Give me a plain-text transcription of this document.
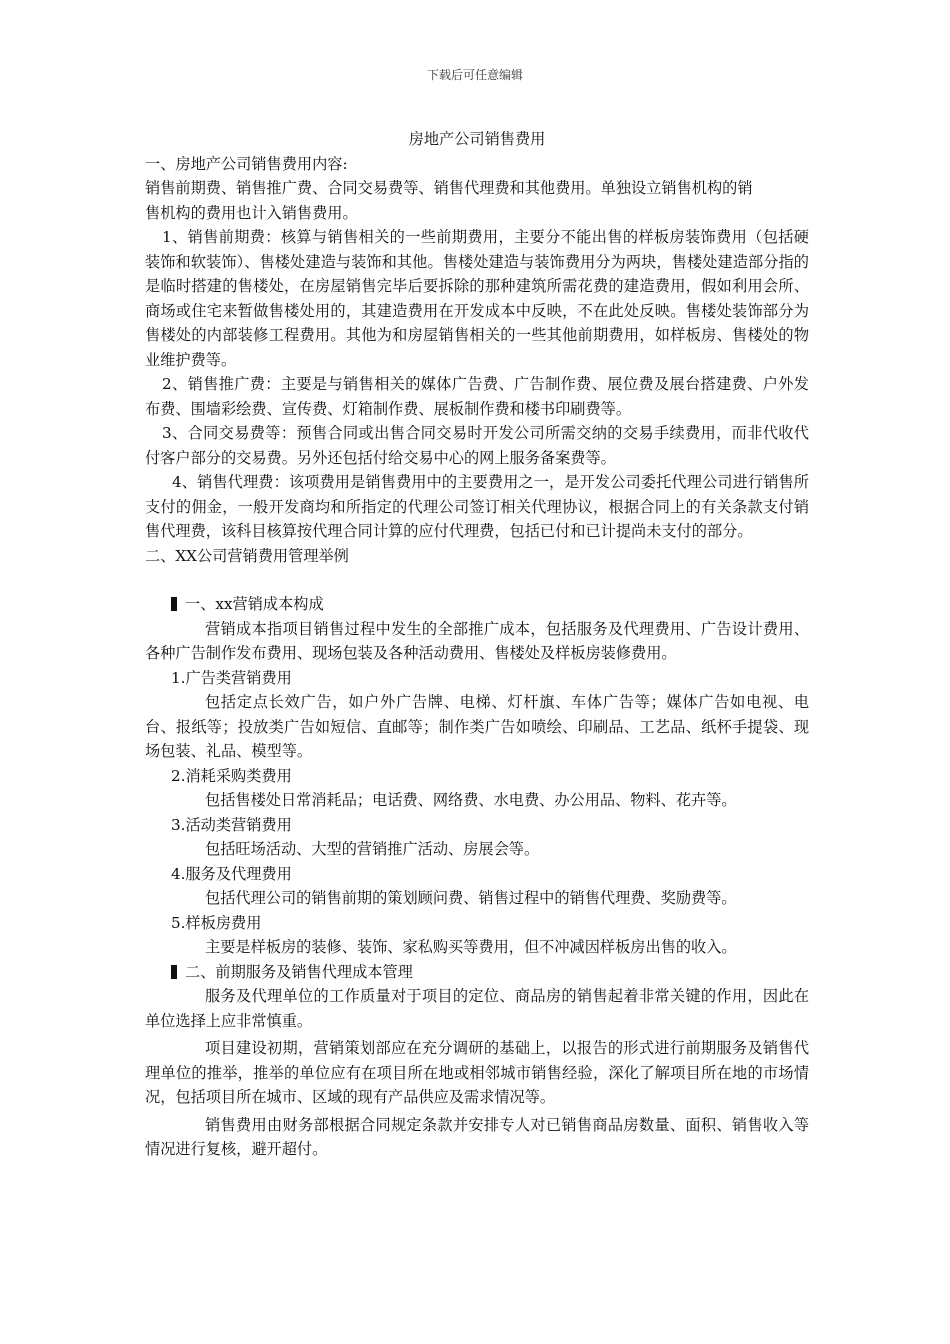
下载后可任意编辑

房地产公司销售费用

一、房地产公司销售费用内容:

销售前期费、销售推广费、合同交易费等、销售代理费和其他费用。单独设立销售机构的销

售机构的费用也计入销售费用。

1、销售前期费：核算与销售相关的一些前期费用，主要分不能出售的样板房装饰费用（包括硬装饰和软装饰）、售楼处建造与装饰和其他。售楼处建造与装饰费用分为两块，售楼处建造部分指的是临时搭建的售楼处，在房屋销售完毕后要拆除的那种建筑所需花费的建造费用，假如利用会所、商场或住宅来暂做售楼处用的，其建造费用在开发成本中反映，不在此处反映。售楼处装饰部分为售楼处的内部装修工程费用。其他为和房屋销售相关的一些其他前期费用，如样板房、售楼处的物业维护费等。

2、销售推广费：主要是与销售相关的媒体广告费、广告制作费、展位费及展台搭建费、户外发布费、围墙彩绘费、宣传费、灯箱制作费、展板制作费和楼书印刷费等。

3、合同交易费等：预售合同或出售合同交易时开发公司所需交纳的交易手续费用，而非代收代付客户部分的交易费。另外还包括付给交易中心的网上服务备案费等。

4、销售代理费：该项费用是销售费用中的主要费用之一，是开发公司委托代理公司进行销售所支付的佣金，一般开发商均和所指定的代理公司签订相关代理协议，根据合同上的有关条款支付销售代理费，该科目核算按代理合同计算的应付代理费，包括已付和已计提尚未支付的部分。

二、XX公司营销费用管理举例

一、xx营销成本构成

营销成本指项目销售过程中发生的全部推广成本，包括服务及代理费用、广告设计费用、各种广告制作发布费用、现场包装及各种活动费用、售楼处及样板房装修费用。

1.广告类营销费用

包括定点长效广告，如户外广告牌、电梯、灯杆旗、车体广告等；媒体广告如电视、电台、报纸等；投放类广告如短信、直邮等；制作类广告如喷绘、印刷品、工艺品、纸杯手提袋、现场包装、礼品、模型等。

2.消耗采购类费用

包括售楼处日常消耗品；电话费、网络费、水电费、办公用品、物料、花卉等。

3.活动类营销费用

包括旺场活动、大型的营销推广活动、房展会等。

4.服务及代理费用

包括代理公司的销售前期的策划顾问费、销售过程中的销售代理费、奖励费等。

5.样板房费用

主要是样板房的装修、装饰、家私购买等费用，但不冲减因样板房出售的收入。

二、前期服务及销售代理成本管理

服务及代理单位的工作质量对于项目的定位、商品房的销售起着非常关键的作用，因此在单位选择上应非常慎重。

项目建设初期，营销策划部应在充分调研的基础上，以报告的形式进行前期服务及销售代理单位的推举，推举的单位应有在项目所在地或相邻城市销售经验，深化了解项目所在地的市场情况，包括项目所在城市、区域的现有产品供应及需求情况等。

销售费用由财务部根据合同规定条款并安排专人对已销售商品房数量、面积、销售收入等情况进行复核，避开超付。
